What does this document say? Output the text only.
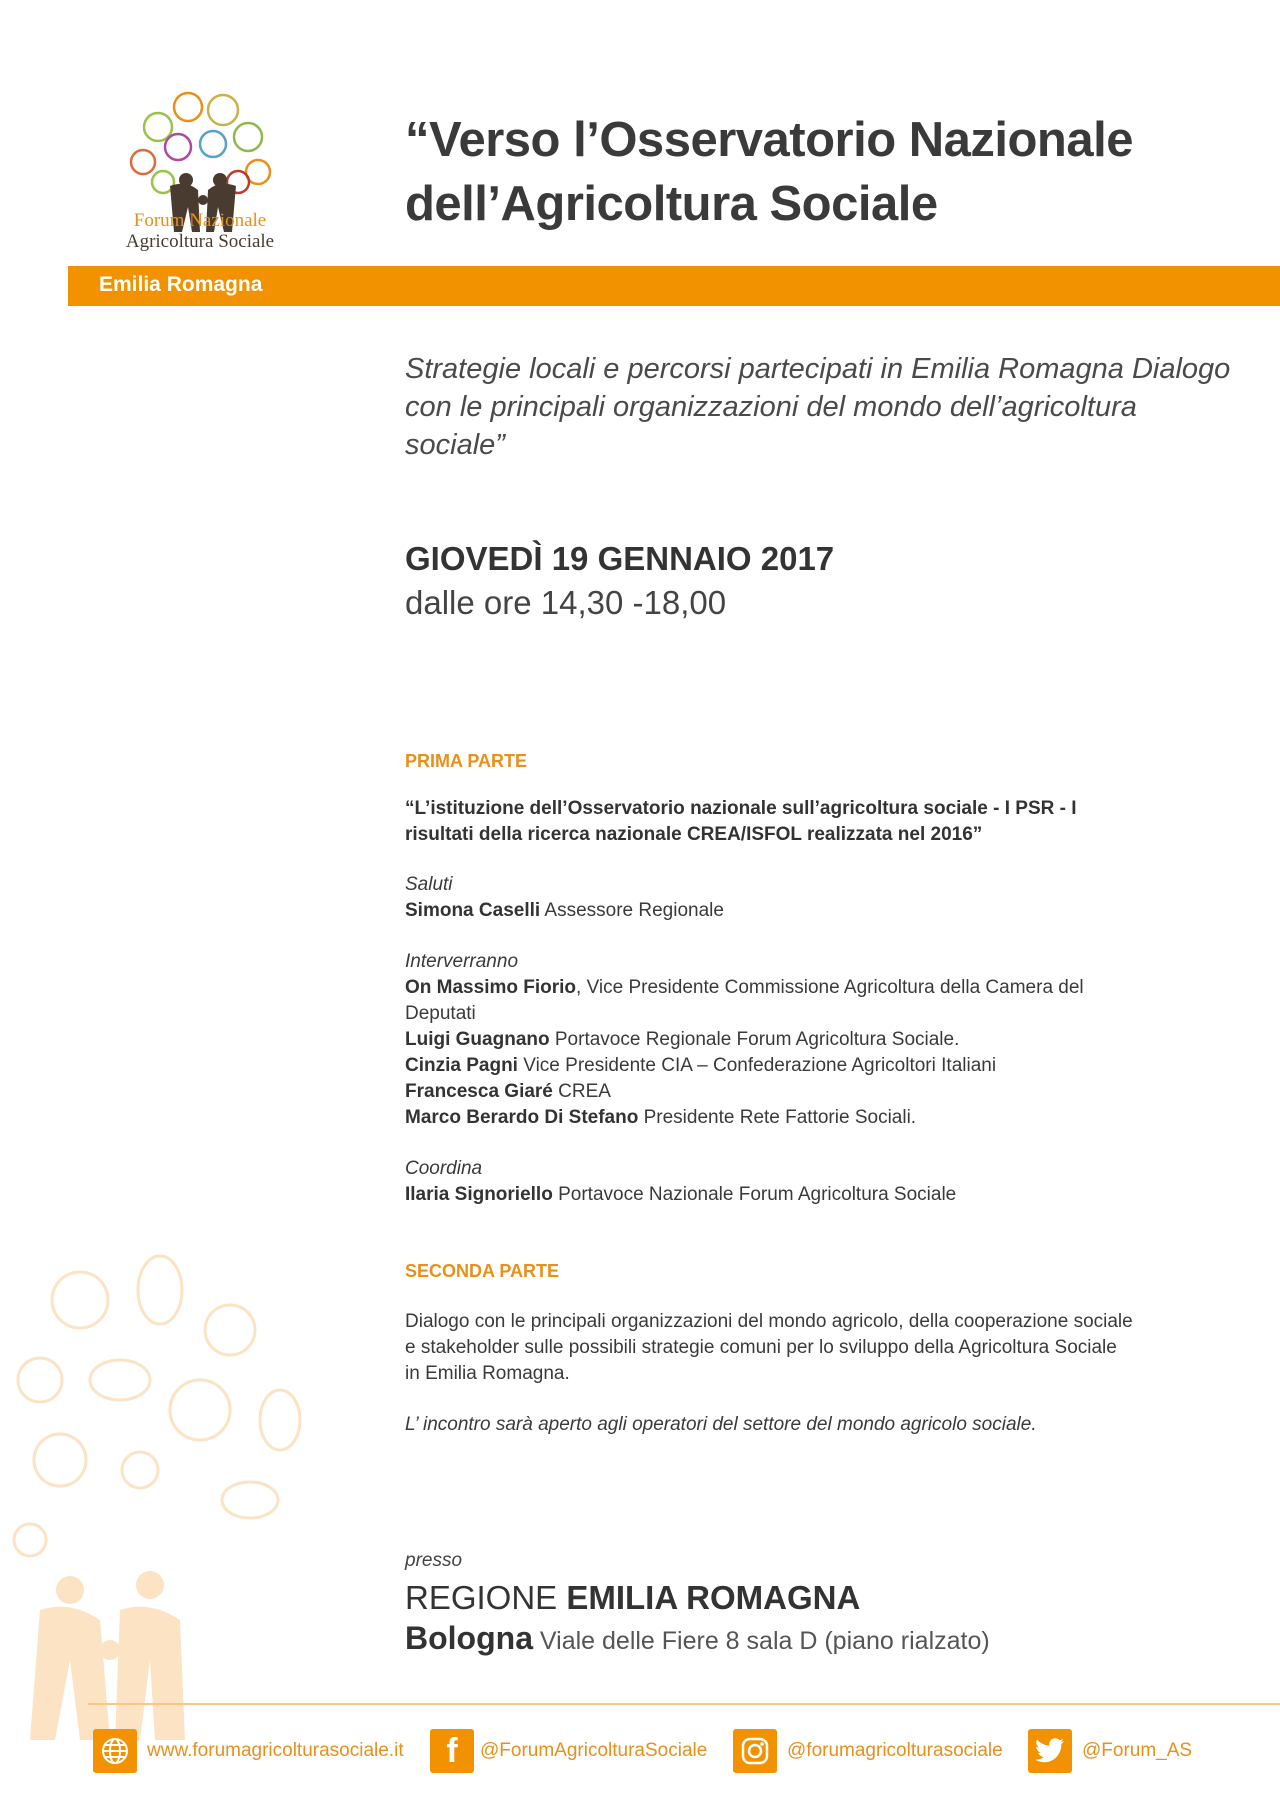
Forum Nazionale
Agricoltura Sociale
“Verso l’Osservatorio Nazionale dell’Agricoltura Sociale
Emilia Romagna
Strategie locali e percorsi partecipati in Emilia Romagna Dialogo con le principali organizzazioni del mondo dell’agricoltura sociale”
GIOVEDÌ 19 GENNAIO 2017
dalle ore 14,30 -18,00
PRIMA PARTE
“L’istituzione dell’Osservatorio nazionale sull’agricoltura sociale - I PSR - I risultati della ricerca nazionale CREA/ISFOL realizzata nel 2016”
Saluti
Simona Caselli Assessore Regionale
Interverranno
On Massimo Fiorio, Vice Presidente Commissione Agricoltura della Camera del Deputati
Luigi Guagnano Portavoce Regionale Forum Agricoltura Sociale.
Cinzia Pagni Vice Presidente CIA – Confederazione Agricoltori Italiani
Francesca Giaré CREA
Marco Berardo Di Stefano Presidente Rete Fattorie Sociali.
Coordina
Ilaria Signoriello Portavoce Nazionale Forum Agricoltura Sociale
SECONDA PARTE
Dialogo con le principali organizzazioni del mondo agricolo, della cooperazione sociale e stakeholder sulle possibili strategie comuni per lo sviluppo della Agricoltura Sociale in Emilia Romagna.
L’ incontro sarà aperto agli operatori del settore del mondo agricolo sociale.
presso
REGIONE EMILIA ROMAGNA
Bologna Viale delle Fiere 8 sala D (piano rialzato)
www.forumagricolturasociale.it f @ForumAgricolturaSociale	@forumagricolturasociale	@Forum_AS
